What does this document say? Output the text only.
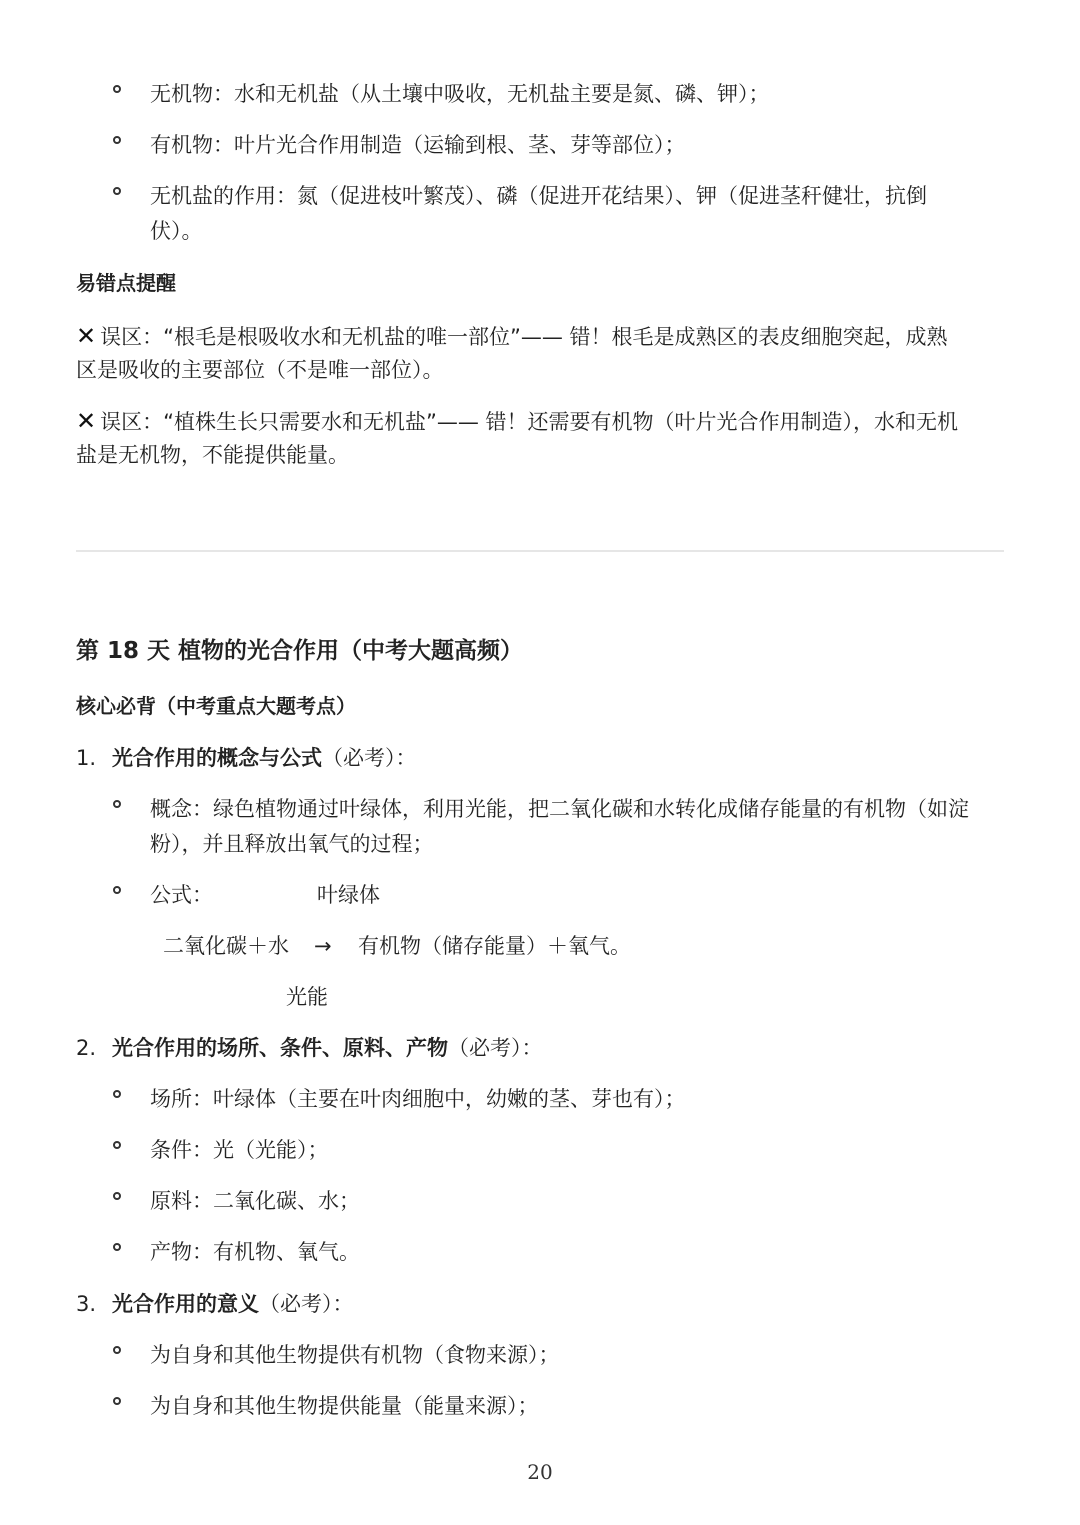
无机物：水和无机盐（从土壤中吸收，无机盐主要是氮、磷、钾）；
有机物：叶片光合作用制造（运输到根、茎、芽等部位）；
无机盐的作用：氮（促进枝叶繁茂）、磷（促进开花结果）、钾（促进茎秆健壮，抗倒
伏）。
易错点提醒
✕ 误区：“根毛是根吸收水和无机盐的唯一部位”—— 错！根毛是成熟区的表皮细胞突起，成熟
区是吸收的主要部位（不是唯一部位）。
✕ 误区：“植株生长只需要水和无机盐”—— 错！还需要有机物（叶片光合作用制造），水和无机
盐是无机物，不能提供能量。
第 18 天 植物的光合作用（中考大题高频）
核心必背（中考重点大题考点）
1. 光合作用的概念与公式（必考）：
概念：绿色植物通过叶绿体，利用光能，把二氧化碳和水转化成储存能量的有机物（如淀
粉），并且释放出氧气的过程；
公式：	叶绿体
二氧化碳＋水 → 有机物（储存能量）＋氧气。
光能
2. 光合作用的场所、条件、原料、产物（必考）：
场所：叶绿体（主要在叶肉细胞中，幼嫩的茎、芽也有）；
条件：光（光能）；
原料：二氧化碳、水；
产物：有机物、氧气。
3. 光合作用的意义（必考）：
为自身和其他生物提供有机物（食物来源）；
为自身和其他生物提供能量（能量来源）；
20
